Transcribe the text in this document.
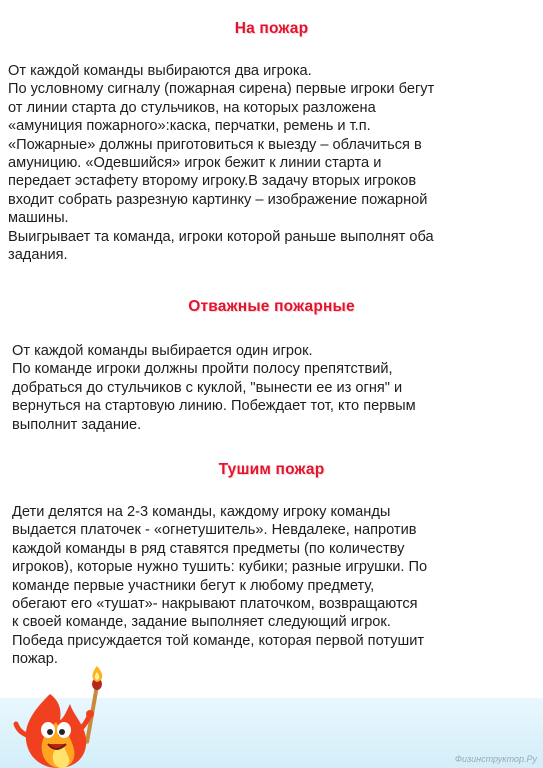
На пожар
От каждой команды выбираются два игрока.
По условному сигналу (пожарная сирена) первые игроки бегут
от линии старта до стульчиков, на которых разложена
«амуниция пожарного»:каска, перчатки, ремень и т.п.
«Пожарные» должны приготовиться к выезду – облачиться в
амуницию. «Одевшийся» игрок бежит к линии старта и
передает эстафету второму игроку.В задачу вторых игроков
входит собрать разрезную картинку – изображение пожарной
машины.
Выигрывает та команда, игроки которой раньше выполнят оба
задания.
Отважные пожарные
От каждой команды выбирается один игрок.
По команде игроки должны пройти полосу препятствий,
добраться до стульчиков с куклой, "вынести ее из огня" и
вернуться на стартовую линию. Побеждает тот, кто первым
выполнит задание.
Тушим пожар
Дети делятся на 2-3 команды, каждому игроку команды
выдается платочек - «огнетушитель». Невдалеке, напротив
каждой команды в ряд ставятся предметы (по количеству
игроков), которые нужно тушить: кубики; разные игрушки. По
команде первые участники бегут к любому предмету,
обегают его «тушат»- накрывают платочком, возвращаются
к своей команде, задание выполняет следующий игрок.
Победа присуждается той команде, которая первой потушит
пожар.
Физинструктор.Ру
